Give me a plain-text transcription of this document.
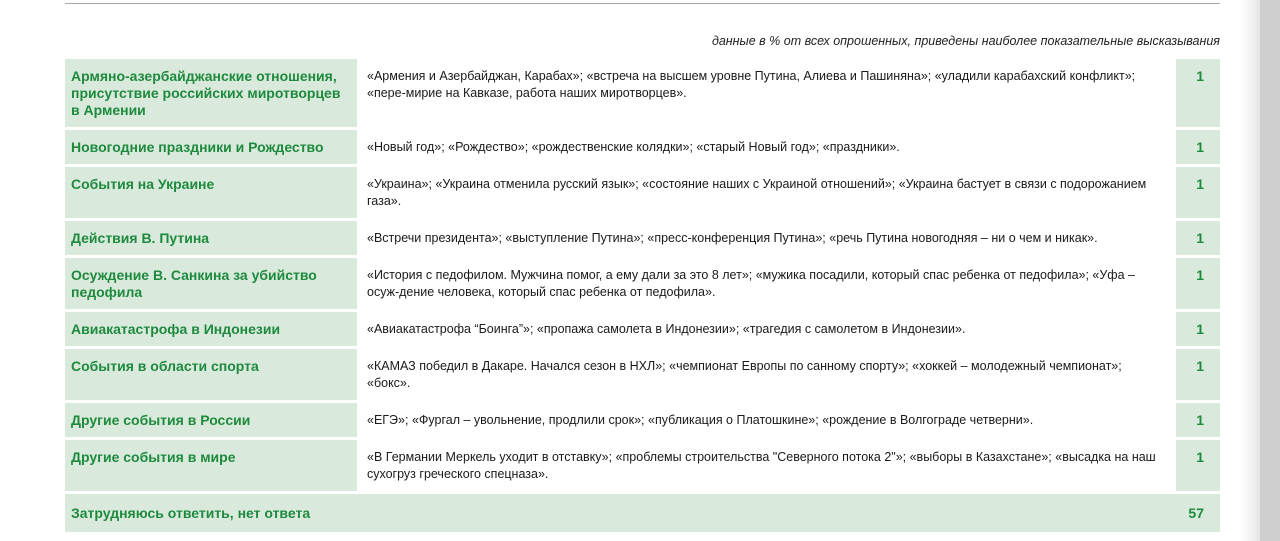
данные в % от всех опрошенных, приведены наиболее показательные высказывания
Армяно-азербайджанские отношения, присутствие российских миротворцев в Армении	«Армения и Азербайджан, Карабах»; «встреча на высшем уровне Путина, Алиева и Пашиняна»; «уладили карабахский конфликт»; «пере-мирие на Кавказе, работа наших миротворцев».	1

Новогодние праздники и Рождество	«Новый год»; «Рождество»; «рождественские колядки»; «старый Новый год»; «праздники».	1

События на Украине	«Украина»; «Украина отменила русский язык»; «состояние наших с Украиной отношений»; «Украина бастует в связи с подорожанием газа».	1

Действия В. Путина	«Встречи президента»; «выступление Путина»; «пресс-конференция Путина»; «речь Путина новогодняя – ни о чем и никак».	1

Осуждение В. Санкина за убийство педофила	«История с педофилом. Мужчина помог, а ему дали за это 8 лет»; «мужика посадили, который спас ребенка от педофила»; «Уфа – осуж-дение человека, который спас ребенка от педофила».	1

Авиакатастрофа в Индонезии	«Авиакатастрофа “Боинга”»; «пропажа самолета в Индонезии»; «трагедия с самолетом в Индонезии».	1

События в области спорта	«КАМАЗ победил в Дакаре. Начался сезон в НХЛ»; «чемпионат Европы по санному спорту»; «хоккей – молодежный чемпионат»; «бокс».	1

Другие события в России	«ЕГЭ»; «Фургал – увольнение, продлили срок»; «публикация о Платошкине»; «рождение в Волгограде четверни».	1

Другие события в мире	«В Германии Меркель уходит в отставку»; «проблемы строительства "Северного потока 2"»; «выборы в Казахстане»; «высадка на наш сухогруз греческого спецназа».	1

Затрудняюсь ответить, нет ответа		57
